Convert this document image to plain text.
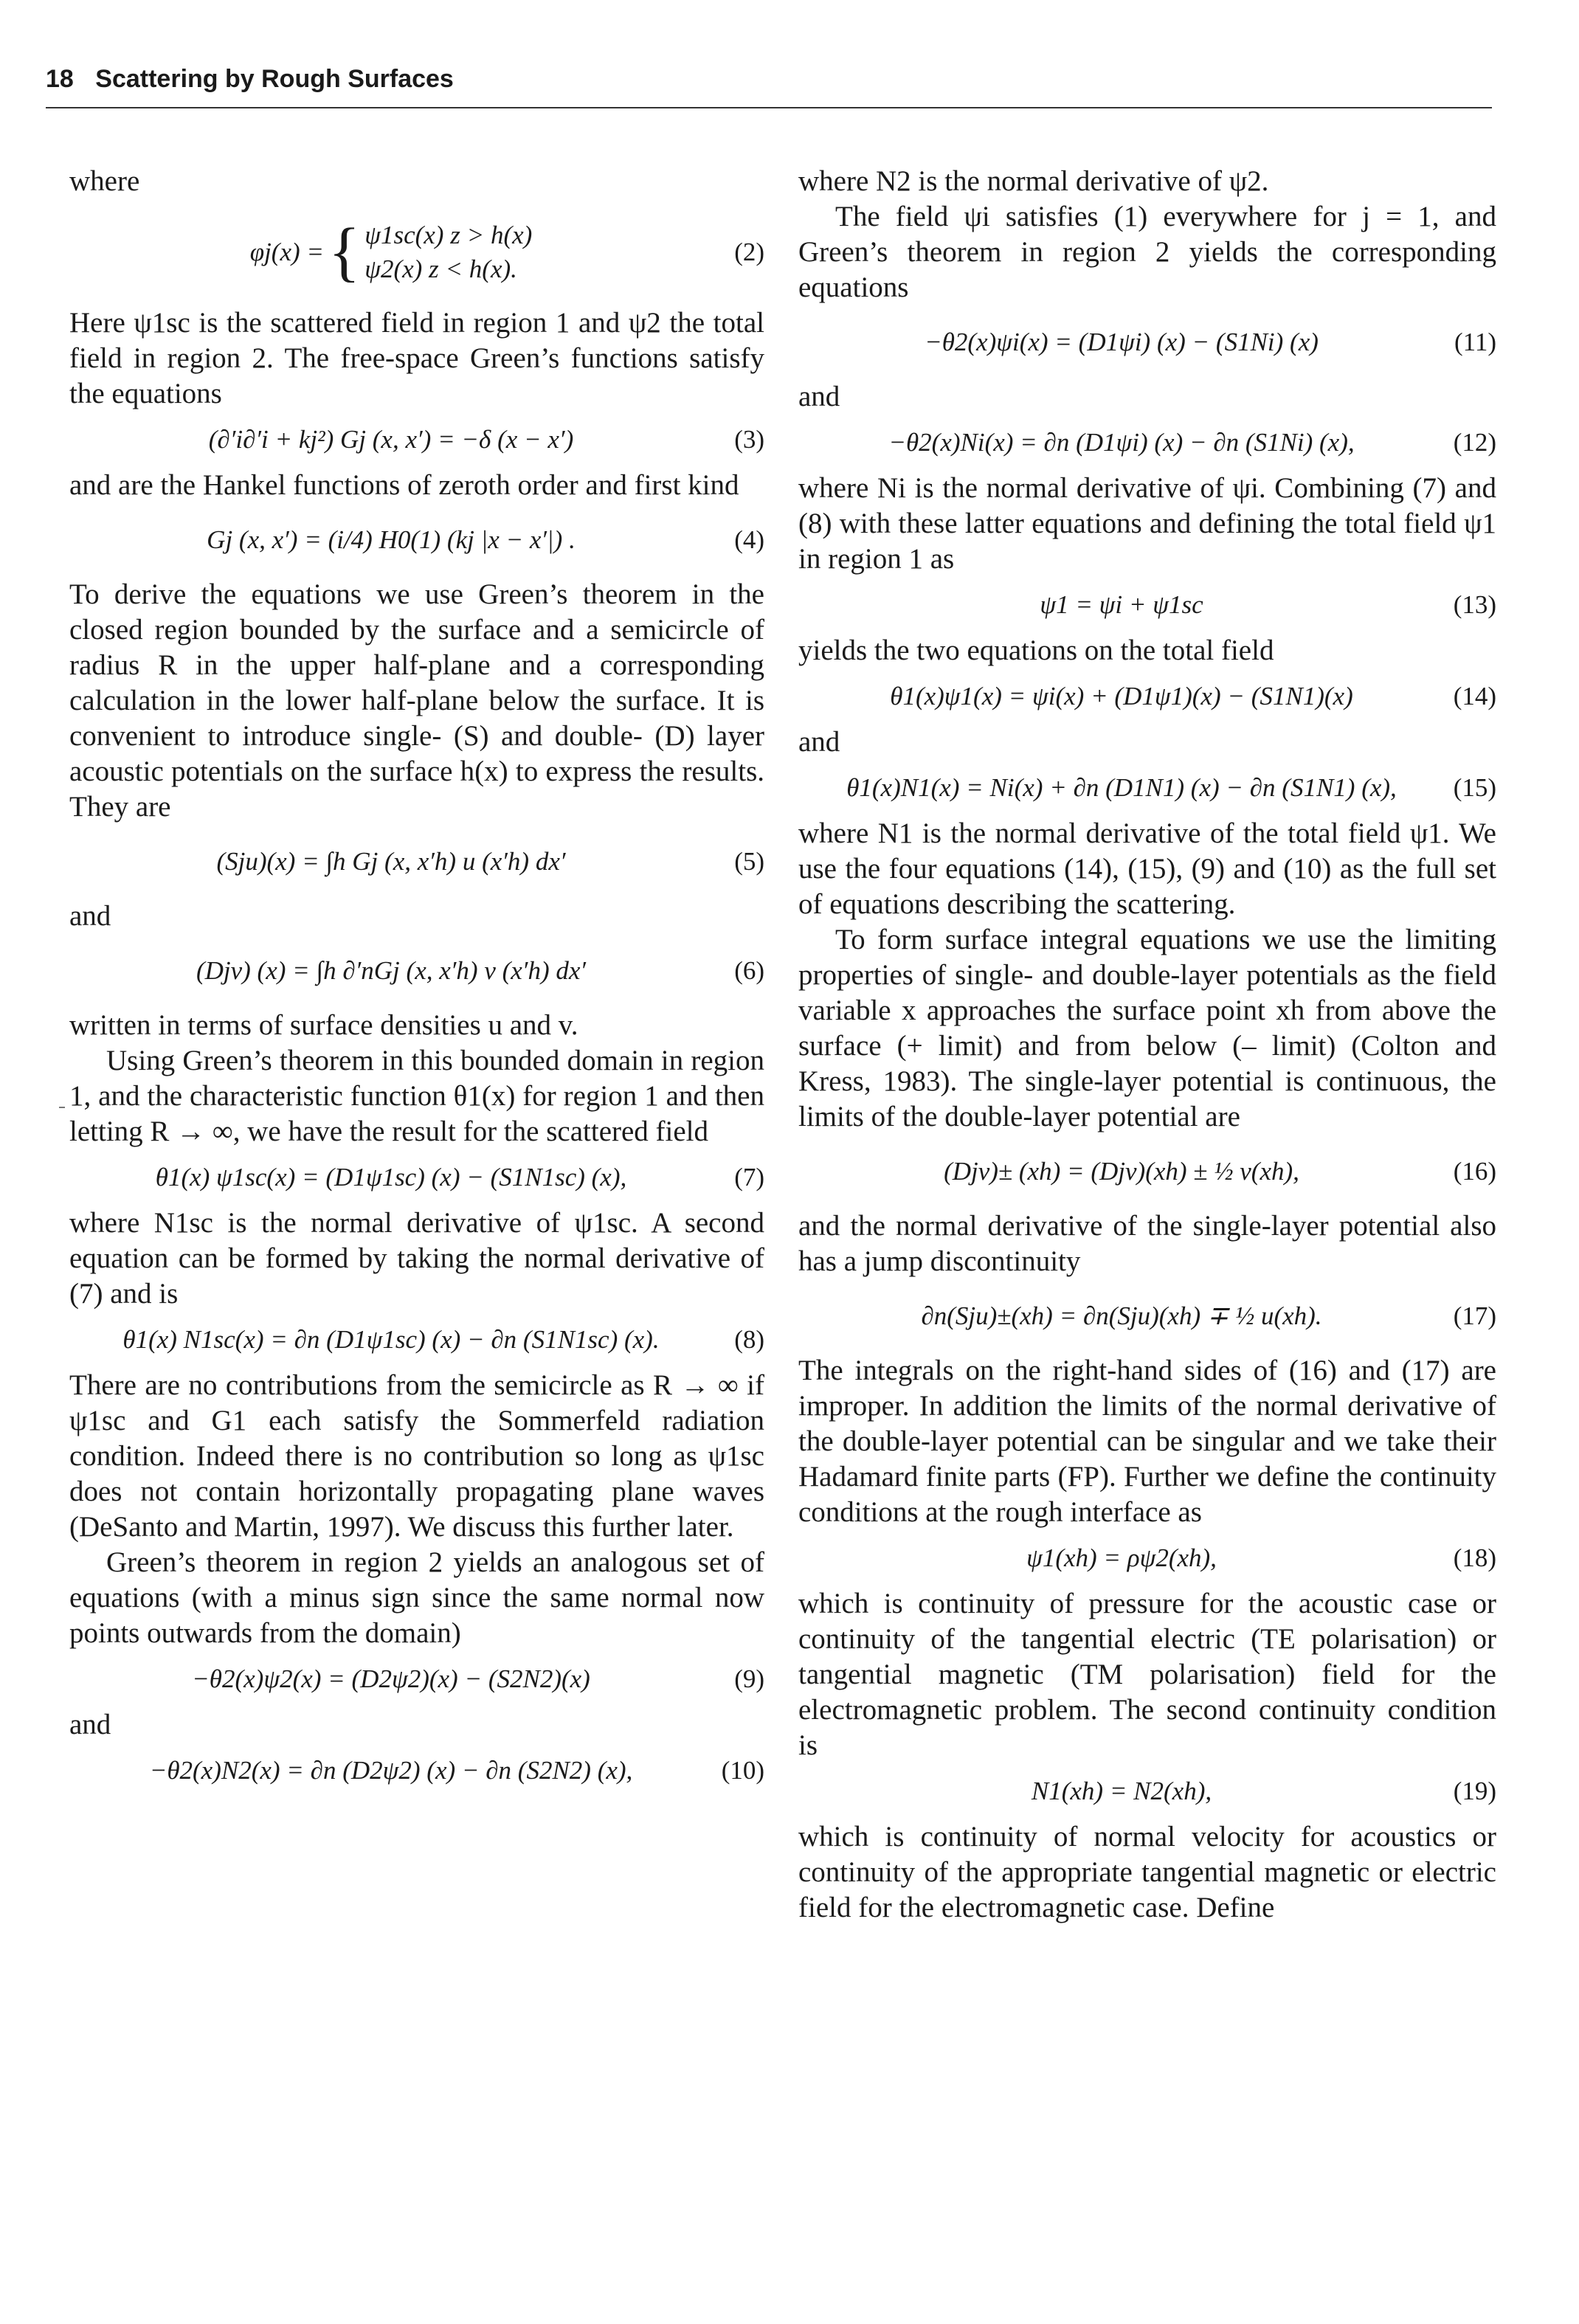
18 Scattering by Rough Surfaces

where

φj(x) = { ψ1sc(x) z > h(x)
ψ2(x) z < h(x).
(2)

Here ψ1sc is the scattered field in region 1 and ψ2 the total field in region 2. The free-space Green’s functions satisfy the equations

(∂′i∂′i + kj²) Gj (x, x′) = −δ (x − x′)	(3)

and are the Hankel functions of zeroth order and first kind

Gj (x, x′) = (i/4) H0(1) (kj |x − x′|) .	(4)

To derive the equations we use Green’s theorem in the closed region bounded by the surface and a semicircle of radius R in the upper half-plane and a corresponding calculation in the lower half-plane below the surface. It is convenient to introduce single- (S) and double- (D) layer acoustic potentials on the surface h(x) to express the results. They are

(Sju)(x) = ∫h Gj (x, x′h) u (x′h) dx′	(5)

and

(Djv) (x) = ∫h ∂′nGj (x, x′h) v (x′h) dx′	(6)

written in terms of surface densities u and v.

Using Green’s theorem in this bounded domain in region 1, and the characteristic function θ1(x) for region 1 and then letting R → ∞, we have the result for the scattered field

θ1(x) ψ1sc(x) = (D1ψ1sc) (x) − (S1N1sc) (x),	(7)

where N1sc is the normal derivative of ψ1sc. A second equation can be formed by taking the normal derivative of (7) and is

θ1(x) N1sc(x) = ∂n (D1ψ1sc) (x) − ∂n (S1N1sc) (x).	(8)

There are no contributions from the semicircle as R → ∞ if ψ1sc and G1 each satisfy the Sommerfeld radiation condition. Indeed there is no contribution so long as ψ1sc does not contain horizontally propagating plane waves (DeSanto and Martin, 1997). We discuss this further later.

Green’s theorem in region 2 yields an analogous set of equations (with a minus sign since the same normal now points outwards from the domain)

−θ2(x)ψ2(x) = (D2ψ2)(x) − (S2N2)(x)	(9)

and

−θ2(x)N2(x) = ∂n (D2ψ2) (x) − ∂n (S2N2) (x),	(10)

where N2 is the normal derivative of ψ2.

The field ψi satisfies (1) everywhere for j = 1, and Green’s theorem in region 2 yields the corresponding equations

−θ2(x)ψi(x) = (D1ψi) (x) − (S1Ni) (x)	(11)

and

−θ2(x)Ni(x) = ∂n (D1ψi) (x) − ∂n (S1Ni) (x),	(12)

where Ni is the normal derivative of ψi. Combining (7) and (8) with these latter equations and defining the total field ψ1 in region 1 as

ψ1 = ψi + ψ1sc	(13)

yields the two equations on the total field

θ1(x)ψ1(x) = ψi(x) + (D1ψ1)(x) − (S1N1)(x)	(14)

and

θ1(x)N1(x) = Ni(x) + ∂n (D1N1) (x) − ∂n (S1N1) (x), (15)

where N1 is the normal derivative of the total field ψ1. We use the four equations (14), (15), (9) and (10) as the full set of equations describing the scattering.

To form surface integral equations we use the limiting properties of single- and double-layer potentials as the field variable x approaches the surface point xh from above the surface (+ limit) and from below (– limit) (Colton and Kress, 1983). The single-layer potential is continuous, the limits of the double-layer potential are

(Djv)± (xh) = (Djv)(xh) ± ½ v(xh),	(16)

and the normal derivative of the single-layer potential also has a jump discontinuity

∂n(Sju)±(xh) = ∂n(Sju)(xh) ∓ ½ u(xh).	(17)

The integrals on the right-hand sides of (16) and (17) are improper. In addition the limits of the normal derivative of the double-layer potential can be singular and we take their Hadamard finite parts (FP). Further we define the continuity conditions at the rough interface as

ψ1(xh) = ρψ2(xh),	(18)

which is continuity of pressure for the acoustic case or continuity of the tangential electric (TE polarisation) or tangential magnetic (TM polarisation) field for the electromagnetic problem. The second continuity condition is

N1(xh) = N2(xh),	(19)

which is continuity of normal velocity for acoustics or continuity of the appropriate tangential magnetic or electric field for the electromagnetic case. Define
